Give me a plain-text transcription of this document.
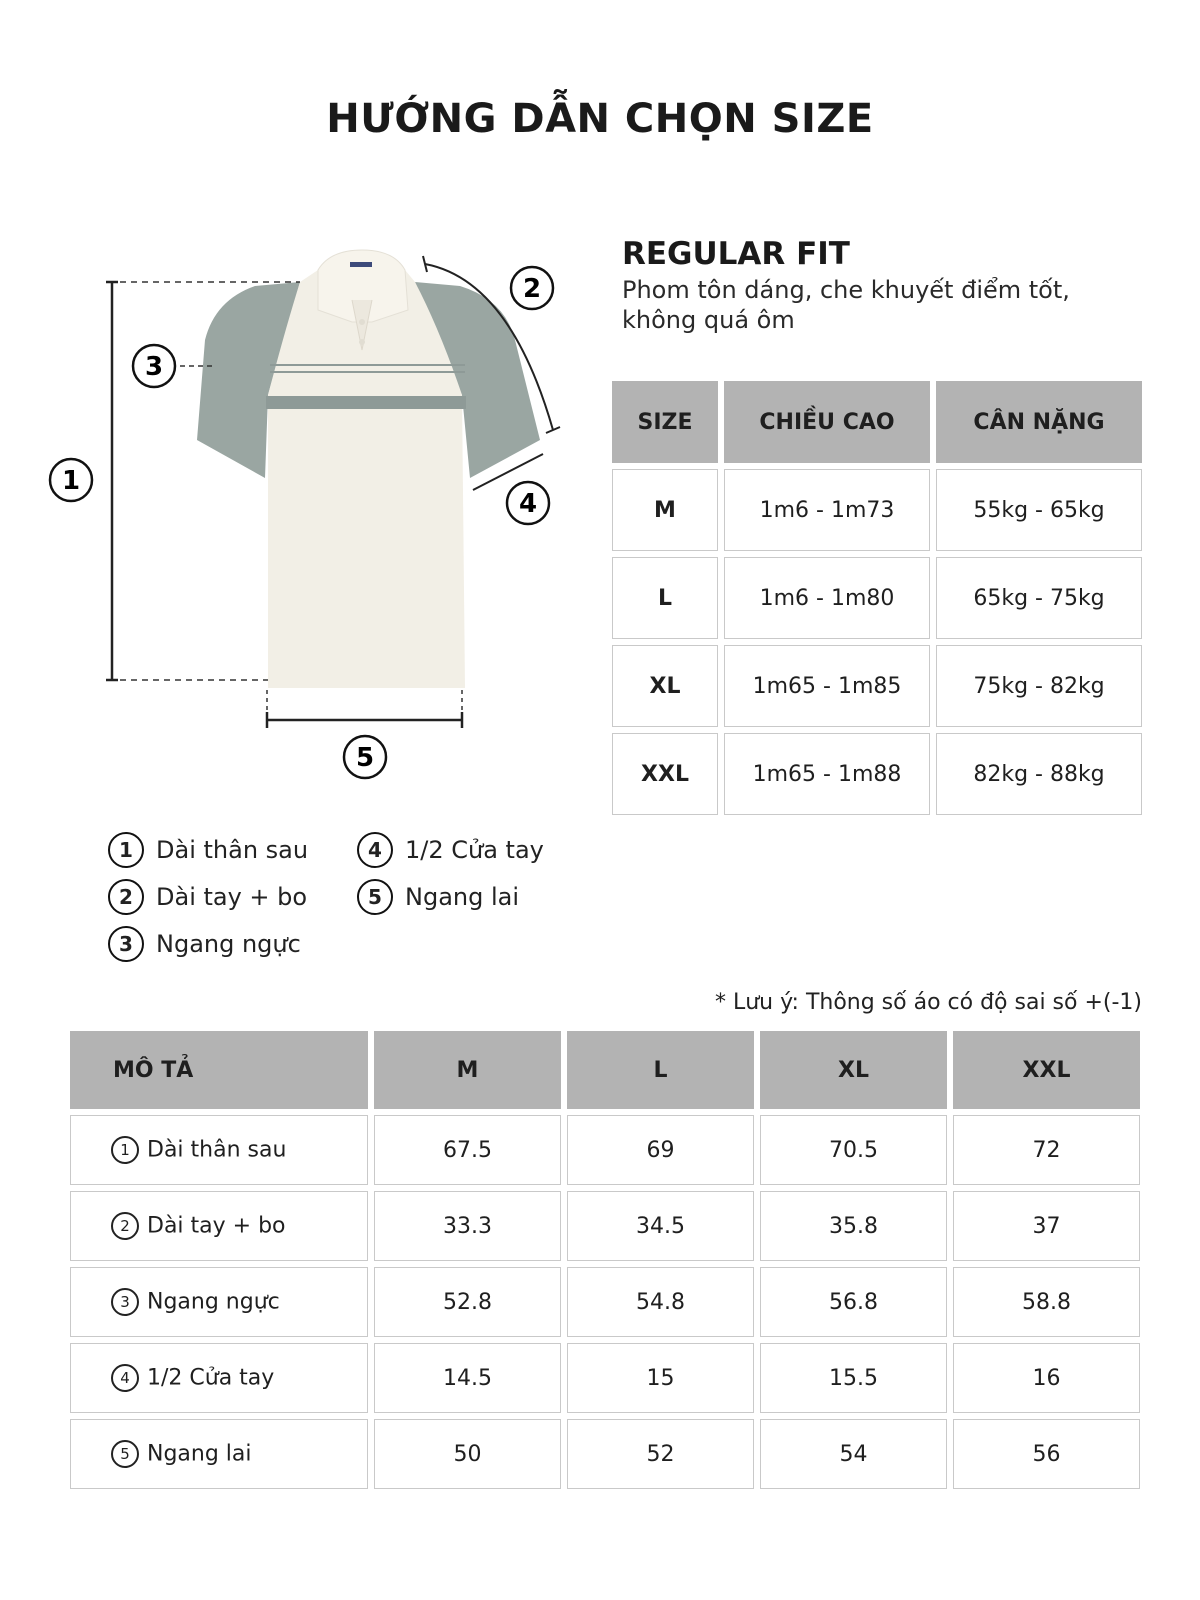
HƯỚNG DẪN CHỌN SIZE
1
2
3
4
5
REGULAR FIT
Phom tôn dáng, che khuyết điểm tốt, không quá ôm
SIZE	CHIỀU CAO	CÂN NẶNG
M	1m6 - 1m73	55kg - 65kg
L	1m6 - 1m80	65kg - 75kg
XL	1m65 - 1m85	75kg - 82kg
XXL	1m65 - 1m88	82kg - 88kg
1 Dài thân sau
2 Dài tay + bo
3 Ngang ngực
4 1/2 Cửa tay
5 Ngang lai
* Lưu ý: Thông số áo có độ sai số +(-1)
MÔ TẢ	M	L	XL	XXL
1 Dài thân sau	67.5	69	70.5	72
2 Dài tay + bo	33.3	34.5	35.8	37
3 Ngang ngực	52.8	54.8	56.8	58.8
4 1/2 Cửa tay	14.5	15	15.5	16
5 Ngang lai	50	52	54	56
